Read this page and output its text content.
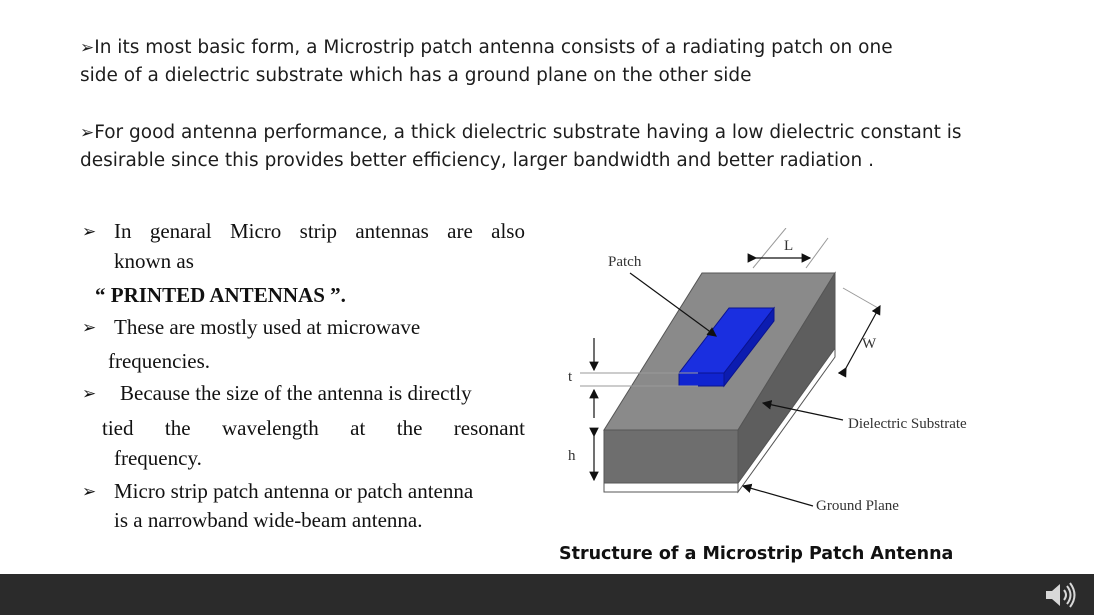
➢In its most basic form, a Microstrip patch antenna consists of a radiating patch on one
side of a dielectric substrate which has a ground plane on the other side
➢For good antenna performance, a thick dielectric substrate having a low dielectric constant is
desirable since this provides better efficiency, larger bandwidth and better radiation .
➢ In genaral Micro strip antennas are also
known as
“ PRINTED ANTENNAS ”.
➢ These are mostly used at microwave
frequencies.
➢ Because the size of the antenna is directly
tied the wavelength at the resonant
frequency.
➢ Micro strip patch antenna or patch antenna
is a narrowband wide-beam antenna.
Patch
L
W
t
h
Dielectric Substrate
Ground Plane
Structure of a Microstrip Patch Antenna
